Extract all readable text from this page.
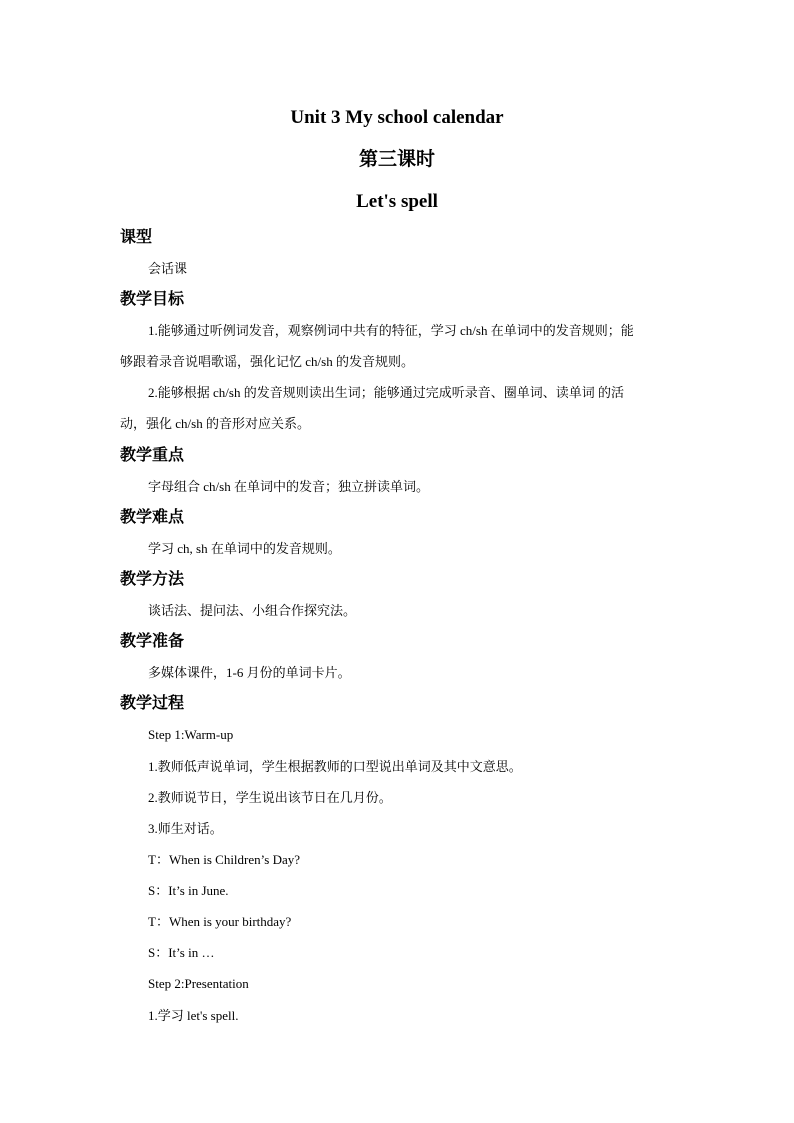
Unit 3 My school calendar
第三课时
Let's spell
课型
会话课
教学目标
1.能够通过听例词发音，观察例词中共有的特征，学习 ch/sh 在单词中的发音规则；能
够跟着录音说唱歌谣，强化记忆 ch/sh 的发音规则。
2.能够根据 ch/sh 的发音规则读出生词；能够通过完成听录音、圈单词、读单词 的活
动，强化 ch/sh 的音形对应关系。
教学重点
字母组合 ch/sh 在单词中的发音；独立拼读单词。
教学难点
学习 ch, sh 在单词中的发音规则。
教学方法
谈话法、提问法、小组合作探究法。
教学准备
多媒体课件，1-6 月份的单词卡片。
教学过程
Step 1:Warm-up
1.教师低声说单词，学生根据教师的口型说出单词及其中文意思。
2.教师说节日，学生说出该节日在几月份。
3.师生对话。
T：When is Children’s Day?
S：It’s in June.
T：When is your birthday?
S：It’s in …
Step 2:Presentation
1.学习 let's spell.
